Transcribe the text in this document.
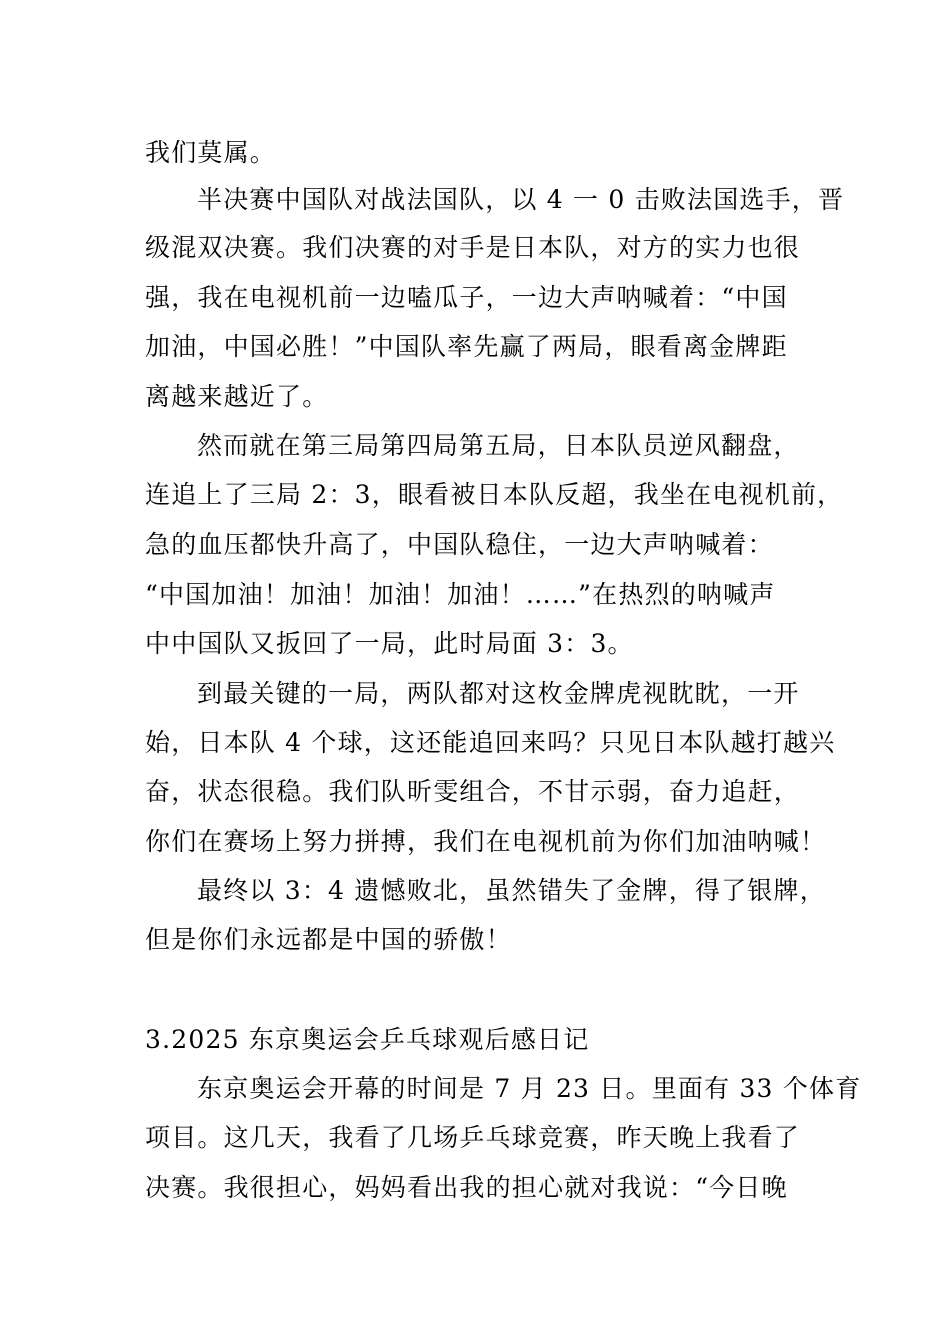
我们莫属。
半决赛中国队对战法国队，以 4 一 0 击败法国选手，晋
级混双决赛。我们决赛的对手是日本队，对方的实力也很
强，我在电视机前一边嗑瓜子，一边大声呐喊着：“中国
加油，中国必胜！”中国队率先赢了两局，眼看离金牌距
离越来越近了。
然而就在第三局第四局第五局，日本队员逆风翻盘，
连追上了三局 2：3，眼看被日本队反超，我坐在电视机前，
急的血压都快升高了，中国队稳住，一边大声呐喊着：
“中国加油！加油！加油！加油！……”在热烈的呐喊声
中中国队又扳回了一局，此时局面 3：3。
到最关键的一局，两队都对这枚金牌虎视眈眈，一开
始，日本队 4 个球，这还能追回来吗？只见日本队越打越兴
奋，状态很稳。我们队昕雯组合，不甘示弱，奋力追赶，
你们在赛场上努力拼搏，我们在电视机前为你们加油呐喊！
最终以 3：4 遗憾败北，虽然错失了金牌，得了银牌，
但是你们永远都是中国的骄傲！
3.2025 东京奥运会乒乓球观后感日记
东京奥运会开幕的时间是 7 月 23 日。里面有 33 个体育
项目。这几天，我看了几场乒乓球竞赛，昨天晚上我看了
决赛。我很担心，妈妈看出我的担心就对我说：“今日晚
